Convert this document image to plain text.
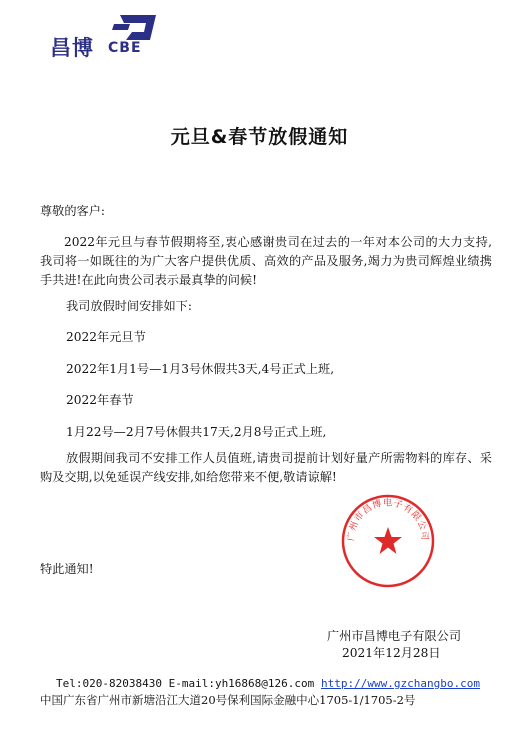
昌博 CBE
元旦&春节放假通知
尊敬的客户:
2022年元旦与春节假期将至,衷心感谢贵司在过去的一年对本公司的大力支持,我司将一如既往的为广大客户提供优质、高效的产品及服务,竭力为贵司辉煌业绩携手共进!在此向贵公司表示最真挚的问候!
我司放假时间安排如下:
2022年元旦节
2022年1月1号—1月3号休假共3天,4号正式上班,
2022年春节
1月22号—2月7号休假共17天,2月8号正式上班,
放假期间我司不安排工作人员值班,请贵司提前计划好量产所需物料的库存、采购及交期,以免延误产线安排,如给您带来不便,敬请谅解!
广州市昌博电子有限公司
特此通知!
广州市昌博电子有限公司
2021年12月28日
Tel:020-82038430 E-mail:yh16868@126.com http://www.gzchangbo.com
中国广东省广州市新塘沿江大道20号保利国际金融中心1705-1/1705-2号
